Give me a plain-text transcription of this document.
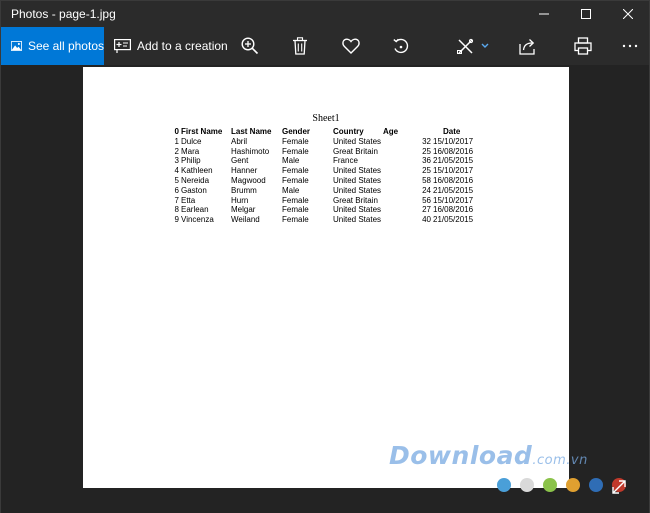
Photos - page-1.jpg
See all photos	Add to a creation
Sheet1
0	First Name	Last Name	Gender	Country	Age	Date
1	Dulce	Abril	Female	United States	32	15/10/2017
2	Mara	Hashimoto	Female	Great Britain	25	16/08/2016
3	Philip	Gent	Male	France	36	21/05/2015
4	Kathleen	Hanner	Female	United States	25	15/10/2017
5	Nereida	Magwood	Female	United States	58	16/08/2016
6	Gaston	Brumm	Male	United States	24	21/05/2015
7	Etta	Hurn	Female	Great Britain	56	15/10/2017
8	Earlean	Melgar	Female	United States	27	16/08/2016
9	Vincenza	Weiland	Female	United States	40	21/05/2015
Download.com.vn
